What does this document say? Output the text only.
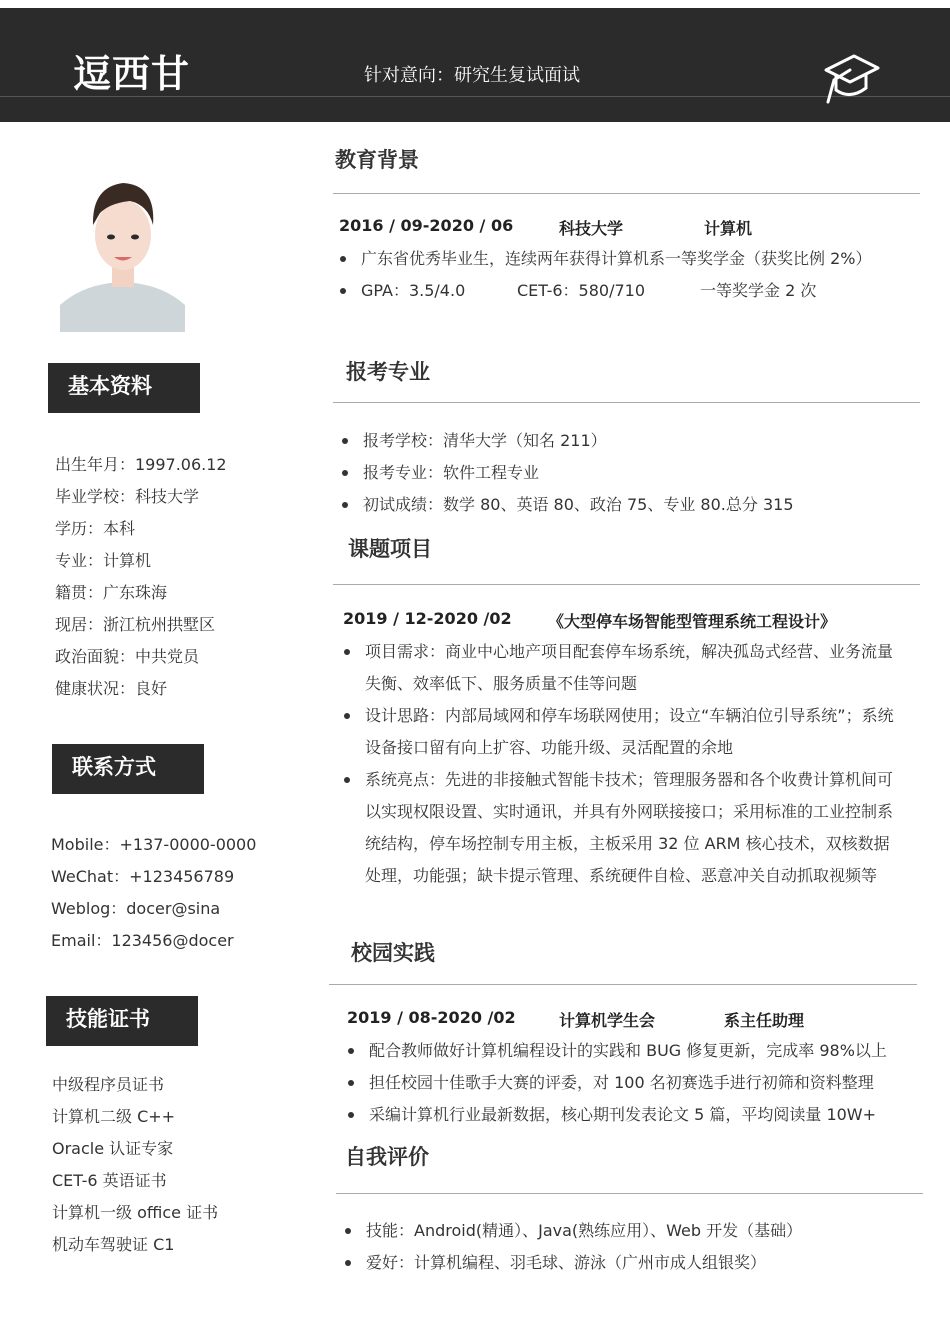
逗西甘	针对意向：研究生复试面试
基本资料
出生年月：1997.06.12
毕业学校：科技大学
学历：本科
专业：计算机
籍贯：广东珠海
现居：浙江杭州拱墅区
政治面貌：中共党员
健康状况：良好
联系方式
Mobile：+137-0000-0000
WeChat：+123456789
Weblog：docer@sina
Email：123456@docer
技能证书
中级程序员证书
计算机二级 C++
Oracle 认证专家
CET-6 英语证书
计算机一级 office 证书
机动车驾驶证 C1
教育背景
2016 / 09-2020 / 06	科技大学	计算机
广东省优秀毕业生，连续两年获得计算机系一等奖学金（获奖比例 2%）
GPA：3.5/4.0	CET-6：580/710	一等奖学金 2 次
报考专业
报考学校：清华大学（知名 211）
报考专业：软件工程专业
初试成绩：数学 80、英语 80、政治 75、专业 80.总分 315
课题项目
2019 / 12-2020 /02 《大型停车场智能型管理系统工程设计》
项目需求：商业中心地产项目配套停车场系统，解决孤岛式经营、业务流量失衡、效率低下、服务质量不佳等问题
设计思路：内部局域网和停车场联网使用；设立“车辆泊位引导系统”；系统设备接口留有向上扩容、功能升级、灵活配置的余地
系统亮点：先进的非接触式智能卡技术；管理服务器和各个收费计算机间可以实现权限设置、实时通讯，并具有外网联接接口；采用标准的工业控制系统结构，停车场控制专用主板，主板采用 32 位 ARM 核心技术，双核数据处理，功能强；缺卡提示管理、系统硬件自检、恶意冲关自动抓取视频等
校园实践
2019 / 08-2020 /02	计算机学生会	系主任助理
配合教师做好计算机编程设计的实践和 BUG 修复更新，完成率 98%以上
担任校园十佳歌手大赛的评委，对 100 名初赛选手进行初筛和资料整理
采编计算机行业最新数据，核心期刊发表论文 5 篇，平均阅读量 10W+
自我评价
技能：Android(精通）、Java(熟练应用）、Web 开发（基础）
爱好：计算机编程、羽毛球、游泳（广州市成人组银奖）
